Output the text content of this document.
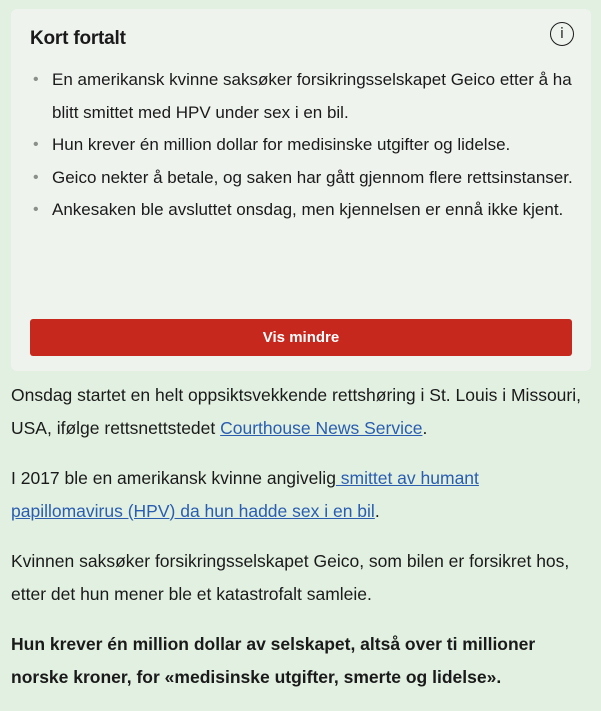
Kort fortalt	i
• En amerikansk kvinne saksøker forsikringsselskapet Geico etter å ha blitt smittet med HPV under sex i en bil.
• Hun krever én million dollar for medisinske utgifter og lidelse.
• Geico nekter å betale, og saken har gått gjennom flere rettsinstanser.
• Ankesaken ble avsluttet onsdag, men kjennelsen er ennå ikke kjent.
Vis mindre

Onsdag startet en helt oppsiktsvekkende rettshøring i St. Louis i Missouri, USA, ifølge rettsnettstedet Courthouse News Service.

I 2017 ble en amerikansk kvinne angivelig smittet av humant papillomavirus (HPV) da hun hadde sex i en bil.

Kvinnen saksøker forsikringsselskapet Geico, som bilen er forsikret hos, etter det hun mener ble et katastrofalt samleie.

Hun krever én million dollar av selskapet, altså over ti millioner norske kroner, for «medisinske utgifter, smerte og lidelse».
